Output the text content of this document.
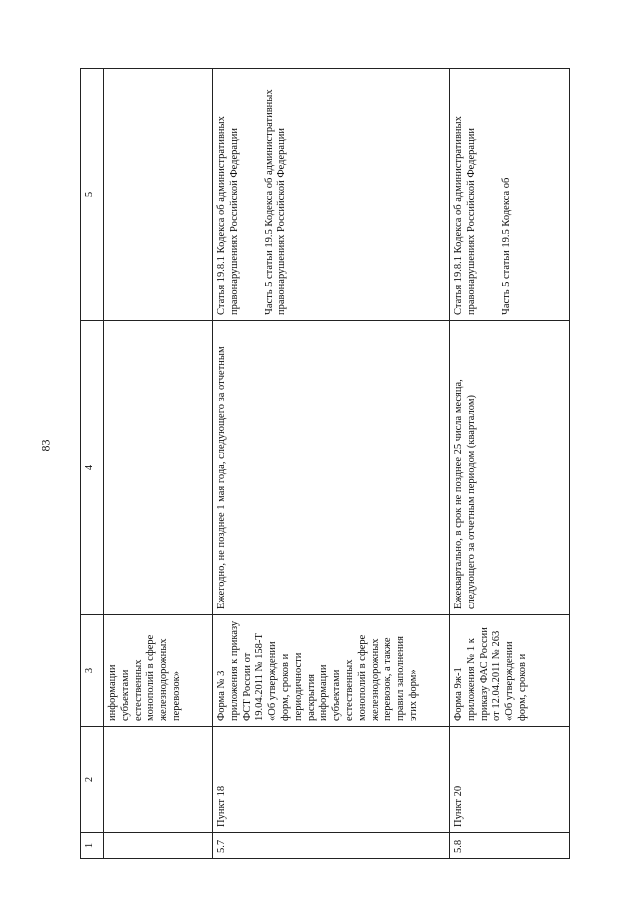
83
1	2	3	4	5
		информации субъектами естественных монополий в сфере железнодорожных перевозок»		

5.7	Пункт 18	Форма № 3 приложения к приказу ФСТ России от 19.04.2011 № 158-Т «Об утверждении форм, сроков и периодичности раскрытия информации субъектами естественных монополий в сфере железнодорожных перевозок, а также правил заполнения этих форм»	Ежегодно, не позднее 1 мая года, следующего за отчетным	Статья 19.8.1 Кодекса об административных правонарушениях Российской Федерации Часть 5 статьи 19.5 Кодекса об административных правонарушениях Российской Федерации

5.8	Пункт 20	Форма 9ж-1 приложения № 1 к приказу ФАС России от 12.04.2011 № 263 «Об утверждении форм, сроков и	Ежеквартально, в срок не позднее 25 числа месяца, следующего за отчетным периодом (кварталом)	Статья 19.8.1 Кодекса об административных правонарушениях Российской Федерации Часть 5 статьи 19.5 Кодекса об
